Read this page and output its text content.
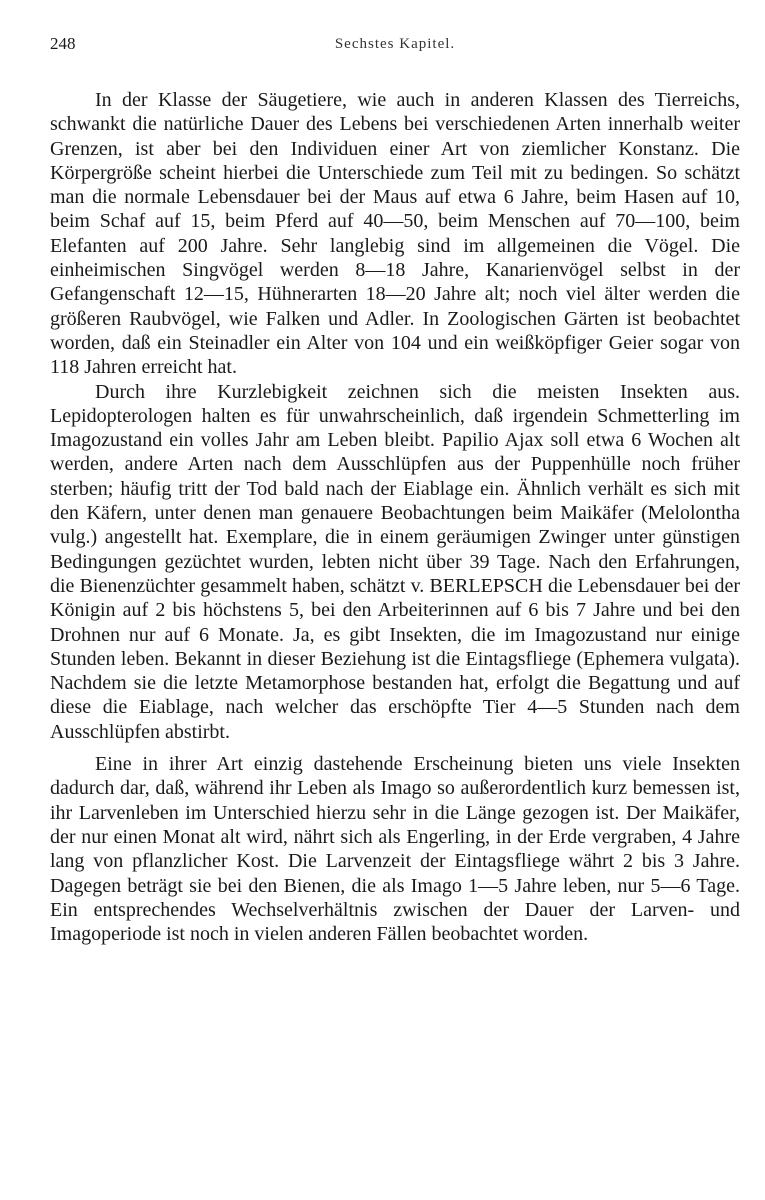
248	Sechstes Kapitel.

In der Klasse der Säugetiere, wie auch in anderen Klassen des Tierreichs, schwankt die natürliche Dauer des Lebens bei verschiedenen Arten innerhalb weiter Grenzen, ist aber bei den Individuen einer Art von ziemlicher Konstanz. Die Körpergröße scheint hierbei die Unterschiede zum Teil mit zu bedingen. So schätzt man die normale Lebensdauer bei der Maus auf etwa 6 Jahre, beim Hasen auf 10, beim Schaf auf 15, beim Pferd auf 40—50, beim Menschen auf 70—100, beim Elefanten auf 200 Jahre. Sehr langlebig sind im allgemeinen die Vögel. Die einheimischen Singvögel werden 8—18 Jahre, Kanarienvögel selbst in der Gefangenschaft 12—15, Hühnerarten 18—20 Jahre alt; noch viel älter werden die größeren Raubvögel, wie Falken und Adler. In Zoologischen Gärten ist beobachtet worden, daß ein Steinadler ein Alter von 104 und ein weißköpfiger Geier sogar von 118 Jahren erreicht hat.

Durch ihre Kurzlebigkeit zeichnen sich die meisten Insekten aus. Lepidopterologen halten es für unwahrscheinlich, daß irgendein Schmetterling im Imagozustand ein volles Jahr am Leben bleibt. Papilio Ajax soll etwa 6 Wochen alt werden, andere Arten nach dem Ausschlüpfen aus der Puppenhülle noch früher sterben; häufig tritt der Tod bald nach der Eiablage ein. Ähnlich verhält es sich mit den Käfern, unter denen man genauere Beobachtungen beim Maikäfer (Melolontha vulg.) angestellt hat. Exemplare, die in einem geräumigen Zwinger unter günstigen Bedingungen gezüchtet wurden, lebten nicht über 39 Tage. Nach den Erfahrungen, die Bienenzüchter gesammelt haben, schätzt v. BERLEPSCH die Lebensdauer bei der Königin auf 2 bis höchstens 5, bei den Arbeiterinnen auf 6 bis 7 Jahre und bei den Drohnen nur auf 6 Monate. Ja, es gibt Insekten, die im Imagozustand nur einige Stunden leben. Bekannt in dieser Beziehung ist die Eintagsfliege (Ephemera vulgata). Nachdem sie die letzte Metamorphose bestanden hat, erfolgt die Begattung und auf diese die Eiablage, nach welcher das erschöpfte Tier 4—5 Stunden nach dem Ausschlüpfen abstirbt.

Eine in ihrer Art einzig dastehende Erscheinung bieten uns viele Insekten dadurch dar, daß, während ihr Leben als Imago so außerordentlich kurz bemessen ist, ihr Larvenleben im Unterschied hierzu sehr in die Länge gezogen ist. Der Maikäfer, der nur einen Monat alt wird, nährt sich als Engerling, in der Erde vergraben, 4 Jahre lang von pflanzlicher Kost. Die Larvenzeit der Eintagsfliege währt 2 bis 3 Jahre. Dagegen beträgt sie bei den Bienen, die als Imago 1—5 Jahre leben, nur 5—6 Tage. Ein entsprechendes Wechselverhältnis zwischen der Dauer der Larven- und Imagoperiode ist noch in vielen anderen Fällen beobachtet worden.
